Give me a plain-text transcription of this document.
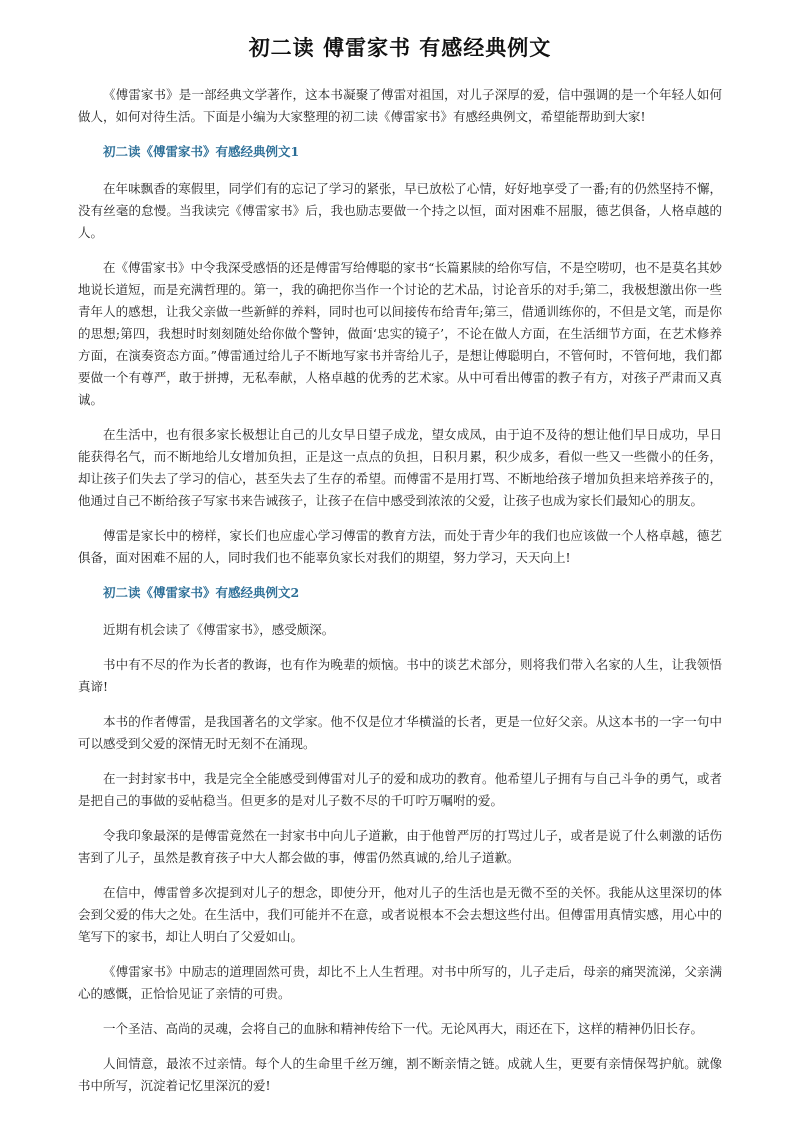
初二读 傅雷家书 有感经典例文

《傅雷家书》是一部经典文学著作，这本书凝聚了傅雷对祖国，对儿子深厚的爱，信中强调的是一个年轻人如何做人，如何对待生活。下面是小编为大家整理的初二读《傅雷家书》有感经典例文，希望能帮助到大家!

初二读《傅雷家书》有感经典例文1

在年味飘香的寒假里，同学们有的忘记了学习的紧张，早已放松了心情，好好地享受了一番;有的仍然坚持不懈，没有丝毫的怠慢。当我读完《傅雷家书》后，我也励志要做一个持之以恒，面对困难不屈服，德艺俱备，人格卓越的人。

在《傅雷家书》中令我深受感悟的还是傅雷写给傅聪的家书“长篇累牍的给你写信，不是空唠叨，也不是莫名其妙地说长道短，而是充满哲理的。第一，我的确把你当作一个讨论的艺术品，讨论音乐的对手;第二，我极想激出你一些青年人的感想，让我父亲做一些新鲜的养料，同时也可以间接传布给青年;第三，借通训练你的，不但是文笔，而是你的思想;第四，我想时时刻刻随处给你做个警钟，做面‘忠实的镜子’，不论在做人方面，在生活细节方面，在艺术修养方面，在演奏资态方面。”傅雷通过给儿子不断地写家书并寄给儿子，是想让傅聪明白，不管何时，不管何地，我们都要做一个有尊严，敢于拼搏，无私奉献，人格卓越的优秀的艺术家。从中可看出傅雷的教子有方，对孩子严肃而又真诚。

在生活中，也有很多家长极想让自己的儿女早日望子成龙，望女成凤，由于迫不及待的想让他们早日成功，早日能获得名气，而不断地给儿女增加负担，正是这一点点的负担，日积月累，积少成多，看似一些又一些微小的任务，却让孩子们失去了学习的信心，甚至失去了生存的希望。而傅雷不是用打骂、不断地给孩子增加负担来培养孩子的，他通过自己不断给孩子写家书来告诫孩子，让孩子在信中感受到浓浓的父爱，让孩子也成为家长们最知心的朋友。

傅雷是家长中的榜样，家长们也应虚心学习傅雷的教育方法，而处于青少年的我们也应该做一个人格卓越，德艺俱备，面对困难不屈的人，同时我们也不能辜负家长对我们的期望，努力学习，天天向上!

初二读《傅雷家书》有感经典例文2

近期有机会读了《傅雷家书》，感受颇深。

书中有不尽的作为长者的教诲，也有作为晚辈的烦恼。书中的谈艺术部分，则将我们带入名家的人生，让我领悟真谛!

本书的作者傅雷，是我国著名的文学家。他不仅是位才华横溢的长者，更是一位好父亲。从这本书的一字一句中可以感受到父爱的深情无时无刻不在涌现。

在一封封家书中，我是完全全能感受到傅雷对儿子的爱和成功的教育。他希望儿子拥有与自己斗争的勇气，或者是把自己的事做的妥帖稳当。但更多的是对儿子数不尽的千叮咛万嘱咐的爱。

令我印象最深的是傅雷竟然在一封家书中向儿子道歉，由于他曾严厉的打骂过儿子，或者是说了什么刺激的话伤害到了儿子，虽然是教育孩子中大人都会做的事，傅雷仍然真诚的,给儿子道歉。

在信中，傅雷曾多次提到对儿子的想念，即使分开，他对儿子的生活也是无微不至的关怀。我能从这里深切的体会到父爱的伟大之处。在生活中，我们可能并不在意，或者说根本不会去想这些付出。但傅雷用真情实感，用心中的笔写下的家书，却让人明白了父爱如山。

《傅雷家书》中励志的道理固然可贵，却比不上人生哲理。对书中所写的，儿子走后，母亲的痛哭流涕，父亲满心的感慨，正恰恰见证了亲情的可贵。

一个圣洁、高尚的灵魂，会将自己的血脉和精神传给下一代。无论风再大，雨还在下，这样的精神仍旧长存。

人间情意，最浓不过亲情。每个人的生命里千丝万缠，割不断亲情之链。成就人生，更要有亲情保驾护航。就像书中所写，沉淀着记忆里深沉的爱!
